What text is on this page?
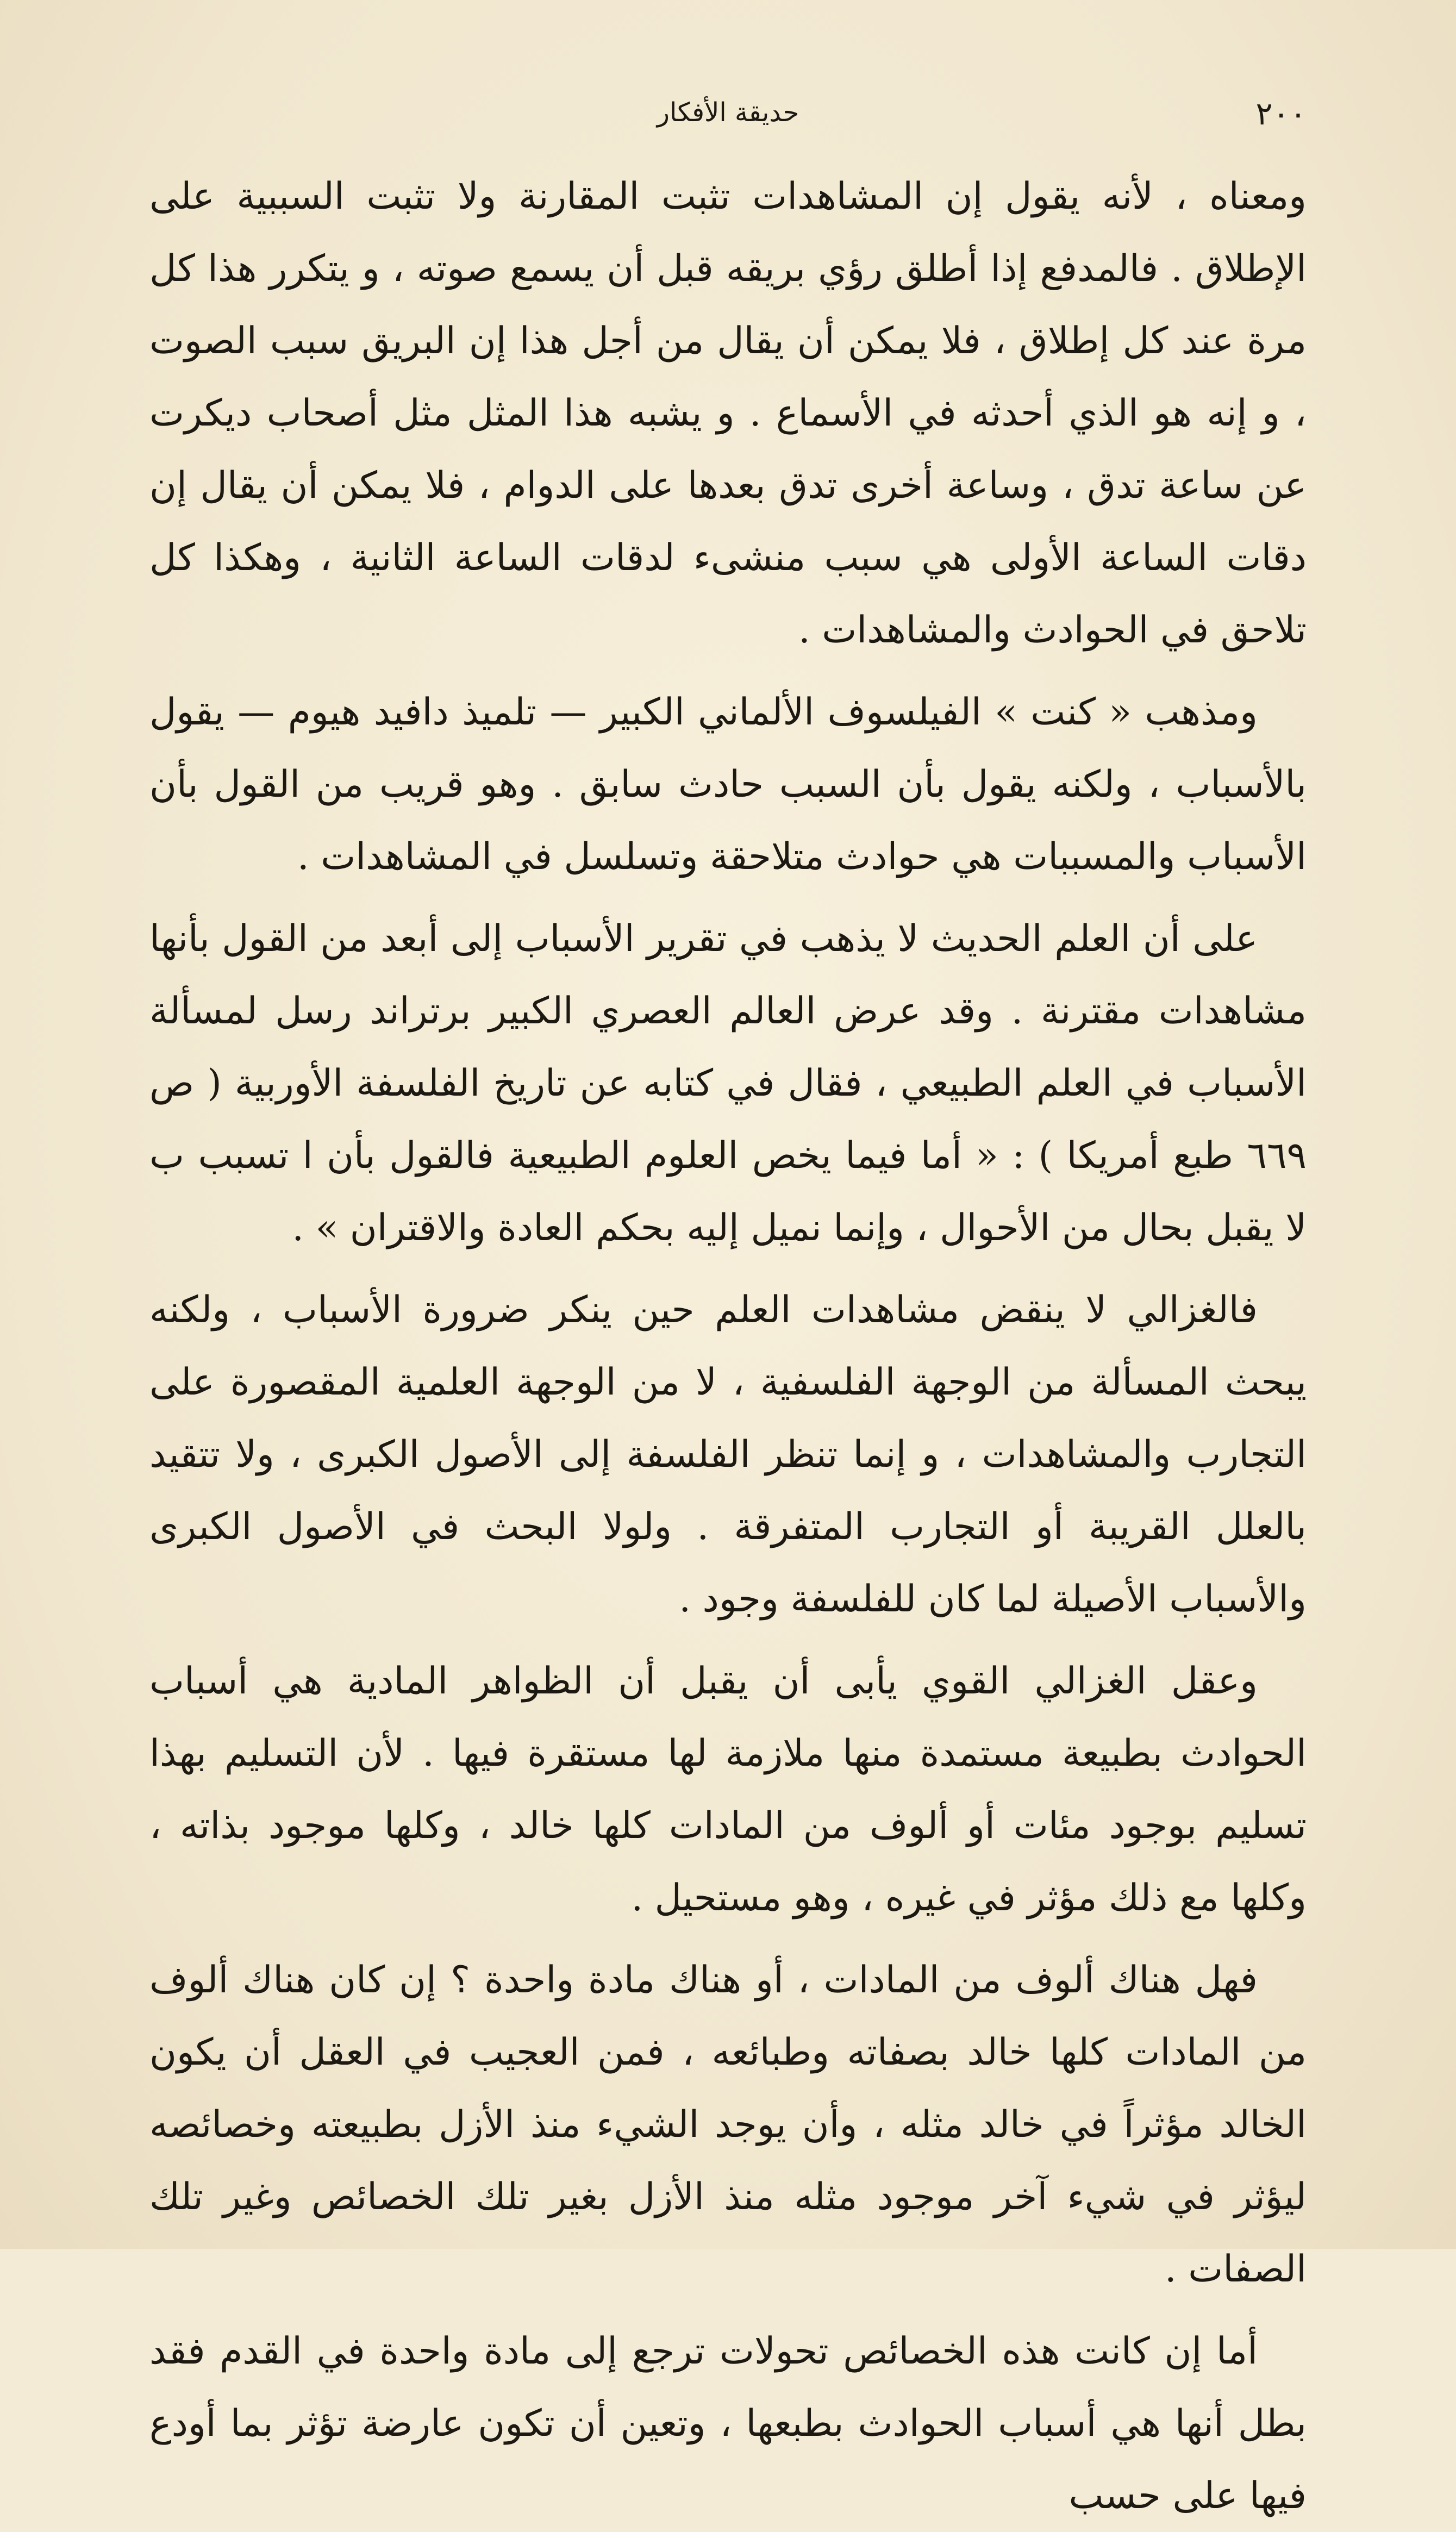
٢٠٠
حديقة الأفكار

ومعناه ، لأنه يقول إن المشاهدات تثبت المقارنة ولا تثبت السببية على الإطلاق . فالمدفع إذا أطلق رؤي بريقه قبل أن يسمع صوته ، و يتكرر هذا كل مرة عند كل إطلاق ، فلا يمكن أن يقال من أجل هذا إن البريق سبب الصوت ، و إنه هو الذي أحدثه في الأسماع . و يشبه هذا المثل مثل أصحاب ديكرت عن ساعة تدق ، وساعة أخرى تدق بعدها على الدوام ، فلا يمكن أن يقال إن دقات الساعة الأولى هي سبب منشىء لدقات الساعة الثانية ، وهكذا كل تلاحق في الحوادث والمشاهدات .

ومذهب « كنت » الفيلسوف الألماني الكبير — تلميذ دافيد هيوم — يقول بالأسباب ، ولكنه يقول بأن السبب حادث سابق . وهو قريب من القول بأن الأسباب والمسببات هي حوادث متلاحقة وتسلسل في المشاهدات .

على أن العلم الحديث لا يذهب في تقرير الأسباب إلى أبعد من القول بأنها مشاهدات مقترنة . وقد عرض العالم العصري الكبير برتراند رسل لمسألة الأسباب في العلم الطبيعي ، فقال في كتابه عن تاريخ الفلسفة الأوربية ( ص ٦٦٩ طبع أمريكا ) : « أما فيما يخص العلوم الطبيعية فالقول بأن ا تسبب ب لا يقبل بحال من الأحوال ، وإنما نميل إليه بحكم العادة والاقتران » .

فالغزالي لا ينقض مشاهدات العلم حين ينكر ضرورة الأسباب ، ولكنه يبحث المسألة من الوجهة الفلسفية ، لا من الوجهة العلمية المقصورة على التجارب والمشاهدات ، و إنما تنظر الفلسفة إلى الأصول الكبرى ، ولا تتقيد بالعلل القريبة أو التجارب المتفرقة . ولولا البحث في الأصول الكبرى والأسباب الأصيلة لما كان للفلسفة وجود .

وعقل الغزالي القوي يأبى أن يقبل أن الظواهر المادية هي أسباب الحوادث بطبيعة مستمدة منها ملازمة لها مستقرة فيها . لأن التسليم بهذا تسليم بوجود مئات أو ألوف من المادات كلها خالد ، وكلها موجود بذاته ، وكلها مع ذلك مؤثر في غيره ، وهو مستحيل .

فهل هناك ألوف من المادات ، أو هناك مادة واحدة ؟ إن كان هناك ألوف من المادات كلها خالد بصفاته وطبائعه ، فمن العجيب في العقل أن يكون الخالد مؤثراً في خالد مثله ، وأن يوجد الشيء منذ الأزل بطبيعته وخصائصه ليؤثر في شيء آخر موجود مثله منذ الأزل بغير تلك الخصائص وغير تلك الصفات .

أما إن كانت هذه الخصائص تحولات ترجع إلى مادة واحدة في القدم فقد بطل أنها هي أسباب الحوادث بطبعها ، وتعين أن تكون عارضة تؤثر بما أودع فيها على حسب
